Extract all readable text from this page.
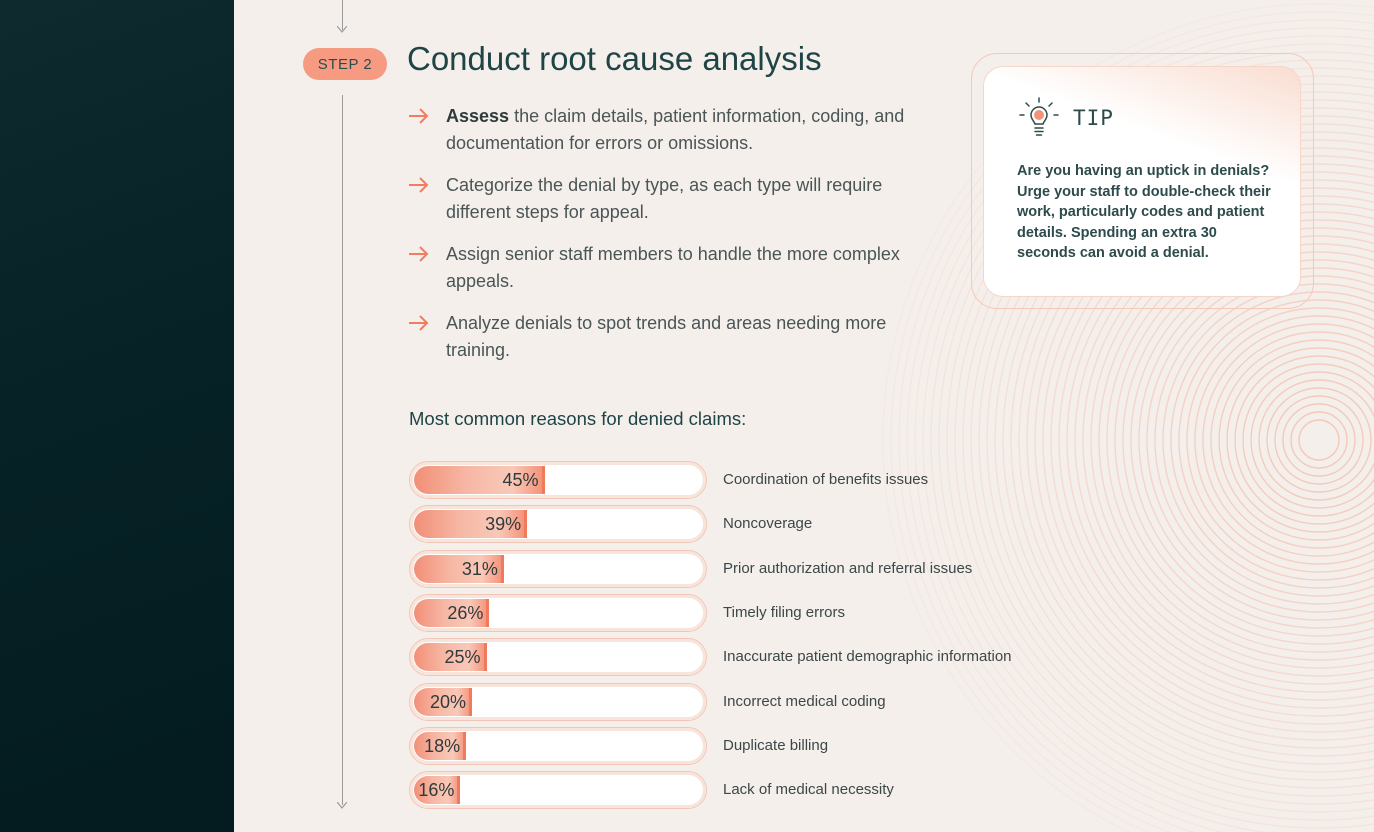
STEP 2	Conduct root cause analysis
Assess the claim details, patient information, coding, and documentation for errors or omissions.
Categorize the denial by type, as each type will require different steps for appeal.
Assign senior staff members to handle the more complex appeals.
Analyze denials to spot trends and areas needing more training.
TIP
Are you having an uptick in denials? Urge your staff to double-check their work, particularly codes and patient details. Spending an extra 30 seconds can avoid a denial.
Most common reasons for denied claims:
45%	Coordination of benefits issues
39%	Noncoverage
31%	Prior authorization and referral issues
26%	Timely filing errors
25%	Inaccurate patient demographic information
20%	Incorrect medical coding
18%	Duplicate billing
16%	Lack of medical necessity
